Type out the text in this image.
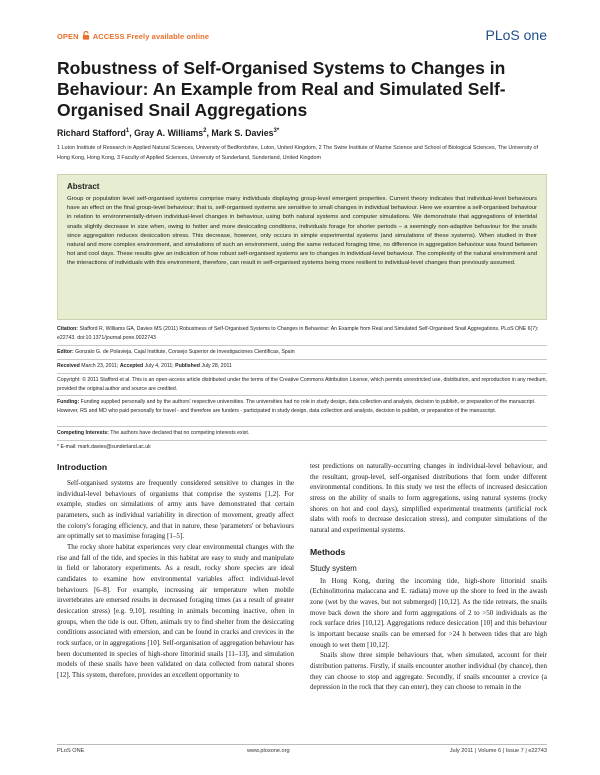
OPEN ACCESS Freely available online	PLoS one
Robustness of Self-Organised Systems to Changes in Behaviour: An Example from Real and Simulated Self-Organised Snail Aggregations
Richard Stafford$^1$, Gray A. Williams$^2$, Mark S. Davies$^{3*}$
1 Luton Institute of Research in Applied Natural Sciences, University of Bedfordshire, Luton, United Kingdom, 2 The Swire Institute of Marine Science and School of Biological Sciences, The University of Hong Kong, Hong Kong, 3 Faculty of Applied Sciences, University of Sunderland, Sunderland, United Kingdom
Abstract
Group or population level self-organised systems comprise many individuals displaying group-level emergent properties. Current theory indicates that individual-level behaviours have an effect on the final group-level behaviour; that is, self-organised systems are sensitive to small changes in individual behaviour. Here we examine a self-organised behaviour in relation to environmentally-driven individual-level changes in behaviour, using both natural systems and computer simulations. We demonstrate that aggregations of intertidal snails slightly decrease in size when, owing to hotter and more desiccating conditions, individuals forage for shorter periods – a seemingly non-adaptive behaviour for the snails since aggregation reduces desiccation stress. This decrease, however, only occurs in simple experimental systems (and simulations of these systems). When studied in their natural and more complex environment, and simulations of such an environment, using the same reduced foraging time, no difference in aggregation behaviour was found between hot and cool days. These results give an indication of how robust self-organised systems are to changes in individual-level behaviour. The complexity of the natural environment and the interactions of individuals with this environment, therefore, can result in self-organised systems being more resilient to individual-level changes than previously assumed.
Citation: Stafford R, Williams GA, Davies MS (2011) Robustness of Self-Organised Systems to Changes in Behaviour: An Example from Real and Simulated Self-Organised Snail Aggregations. PLoS ONE 6(7): e22743. doi:10.1371/journal.pone.0022743
Editor: Gonzalo G. de Polavieja, Cajal Institute, Consejo Superior de Investigaciones Científicas, Spain
Received March 23, 2011; Accepted July 4, 2011; Published July 28, 2011
Copyright: © 2011 Stafford et al. This is an open-access article distributed under the terms of the Creative Commons Attribution License, which permits unrestricted use, distribution, and reproduction in any medium, provided the original author and source are credited.
Funding: Funding supplied personally and by the authors' respective universities. The universities had no role in study design, data collection and analysis, decision to publish, or preparation of the manuscript. However, RS and MD who paid personally for travel - and therefore are funders - participated in study design, data collection and analysis, decision to publish, or preparation of the manuscript.
Competing Interests: The authors have declared that no competing interests exist.
* E-mail: mark.davies@sunderland.ac.uk
Introduction

Self-organised systems are frequently considered sensitive to changes in the individual-level behaviours of organisms that comprise the systems [1,2]. For example, studies on simulations of army ants have demonstrated that certain parameters, such as individual variability in direction of movement, greatly affect the colony's foraging efficiency, and that in nature, these 'parameters' or behaviours are optimally set to maximise foraging [1–5].

The rocky shore habitat experiences very clear environmental changes with the rise and fall of the tide, and species in this habitat are easy to study and manipulate in field or laboratory experiments. As a result, rocky shore species are ideal candidates to examine how environmental variables affect individual-level behaviours [6–8]. For example, increasing air temperature when mobile invertebrates are emersed results in decreased foraging times (as a result of greater desiccation stress) [e.g. 9,10], resulting in animals becoming inactive, often in groups, when the tide is out. Often, animals try to find shelter from the desiccating conditions associated with emersion, and can be found in cracks and crevices in the rock surface, or in aggregations [10]. Self-organisation of aggregation behaviour has been documented in species of high-shore littorinid snails [11–13], and simulation models of these snails have been validated on data collected from natural shores [12]. This system, therefore, provides an excellent opportunity to

test predictions on naturally-occurring changes in individual-level behaviour, and the resultant, group-level, self-organised distributions that form under different environmental conditions. In this study we test the effects of increased desiccation stress on the ability of snails to form aggregations, using natural systems (rocky shores on hot and cool days), simplified experimental treatments (artificial rock slabs with roofs to decrease desiccation stress), and computer simulations of the natural and experimental systems.

Methods
Study system

In Hong Kong, during the incoming tide, high-shore littorinid snails (Echinolittorina malaccana and E. radiata) move up the shore to feed in the awash zone (wet by the waves, but not submerged) [10,12]. As the tide retreats, the snails move back down the shore and form aggregations of 2 to >50 individuals as the rock surface dries [10,12]. Aggregations reduce desiccation [10] and this behaviour is important because snails can be emersed for >24 h between tides that are high enough to wet them [10,12].

Snails show three simple behaviours that, when simulated, account for their distribution patterns. Firstly, if snails encounter another individual (by chance), then they can choose to stop and aggregate. Secondly, if snails encounter a crevice (a depression in the rock that they can enter), they can choose to remain in the

PLoS ONE	www.plosone.org	July 2011 | Volume 6 | Issue 7 | e22743
